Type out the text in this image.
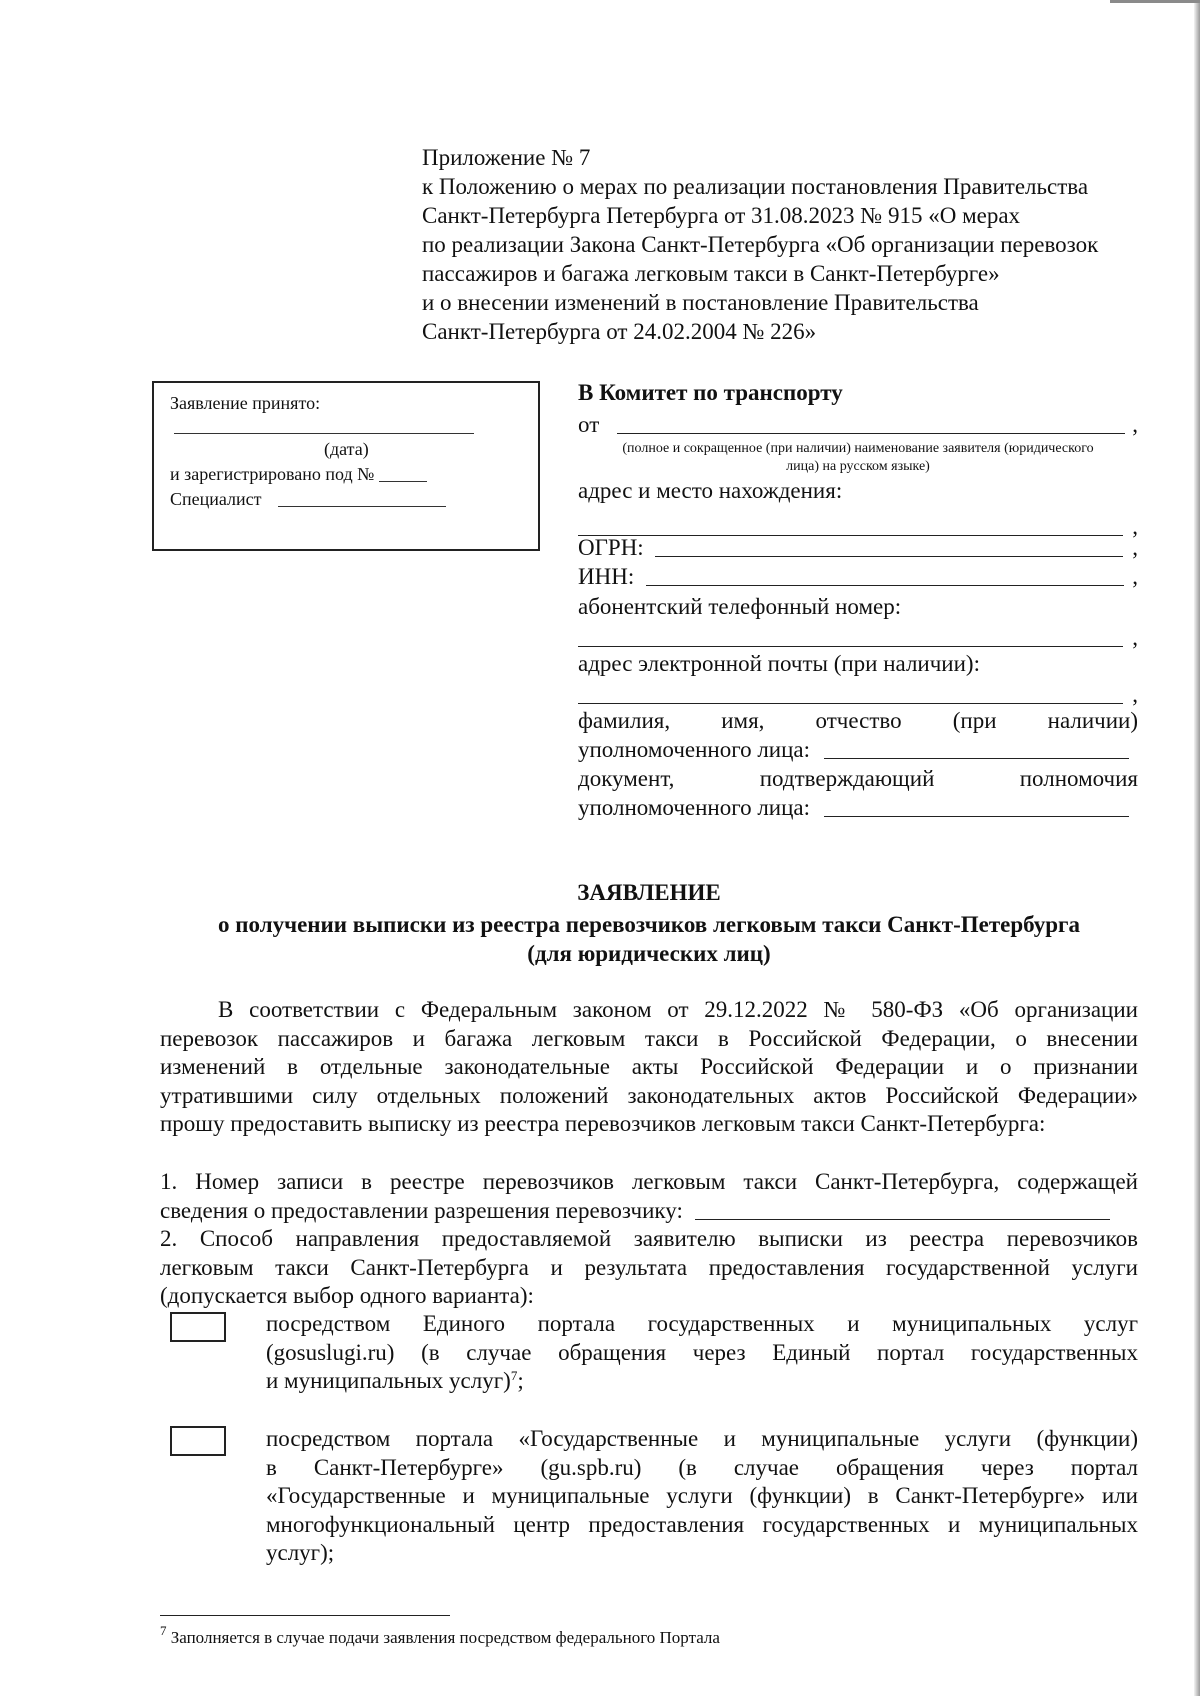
Приложение № 7
к Положению о мерах по реализации постановления Правительства
Санкт-Петербурга Петербурга от 31.08.2023 № 915 «О мерах
по реализации Закона Санкт-Петербурга «Об организации перевозок
пассажиров и багажа легковым такси в Санкт-Петербурге»
и о внесении изменений в постановление Правительства
Санкт-Петербурга от 24.02.2004 № 226»
Заявление принято:
(дата)
и зарегистрировано под №
Специалист
В Комитет по транспорту
от	,
(полное и сокращенное (при наличии) наименование заявителя (юридического
лица) на русском языке)
адрес и место нахождения:
,
ОГРН:	,
ИНН:	,
абонентский телефонный номер:
,
адрес электронной почты (при наличии):
,
фамилия, имя, отчество (при наличии)
уполномоченного лица:
документ,	подтверждающий	полномочия
уполномоченного лица:
ЗАЯВЛЕНИЕ
о получении выписки из реестра перевозчиков легковым такси Санкт-Петербурга
(для юридических лиц)
В соответствии с Федеральным законом от 29.12.2022 № 580-ФЗ «Об организации
перевозок пассажиров и багажа легковым такси в Российской Федерации, о внесении
изменений в отдельные законодательные акты Российской Федерации и о признании
утратившими силу отдельных положений законодательных актов Российской Федерации»
прошу предоставить выписку из реестра перевозчиков легковым такси Санкт-Петербурга:
1. Номер записи в реестре перевозчиков легковым такси Санкт-Петербурга, содержащей
сведения о предоставлении разрешения перевозчику:
2. Способ направления предоставляемой заявителю выписки из реестра перевозчиков
легковым такси Санкт-Петербурга и результата предоставления государственной услуги
(допускается выбор одного варианта):
посредством Единого портала государственных и муниципальных услуг
(gosuslugi.ru) (в случае обращения через Единый портал государственных
и муниципальных услуг)$^7$;
посредством портала «Государственные и муниципальные услуги (функции)
в Санкт-Петербурге» (gu.spb.ru) (в случае обращения через портал
«Государственные и муниципальные услуги (функции) в Санкт-Петербурге» или
многофункциональный центр предоставления государственных и муниципальных
услуг);
$^7$ Заполняется в случае подачи заявления посредством федерального Портала
